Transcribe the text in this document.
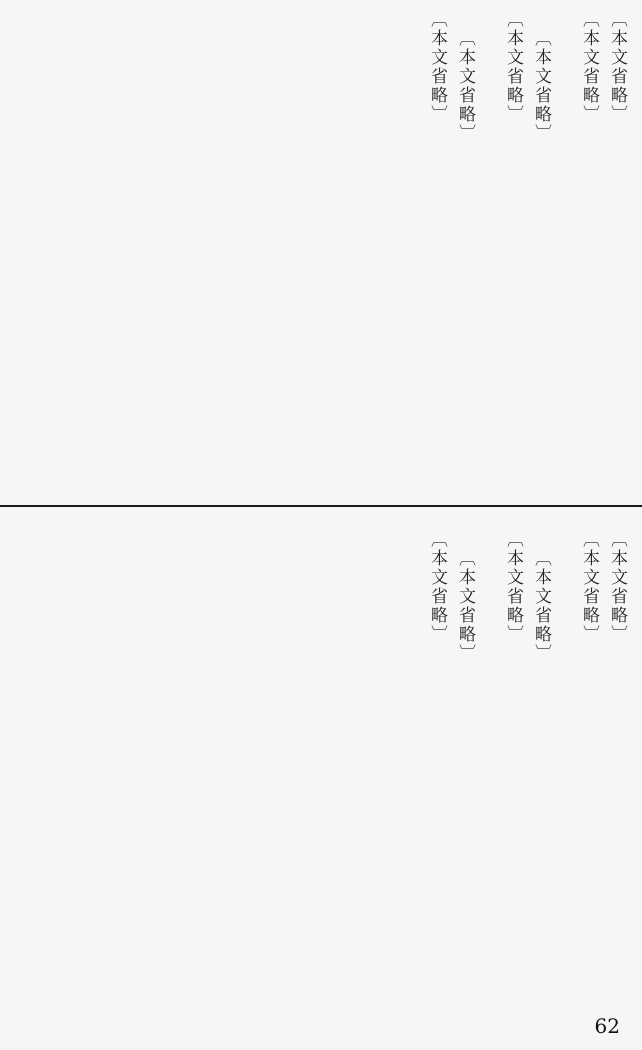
〔本文省略〕
〔本文省略〕
〔本文省略〕
〔本文省略〕
〔本文省略〕
〔本文省略〕
〔本文省略〕
〔本文省略〕
〔本文省略〕
〔本文省略〕
〔本文省略〕
〔本文省略〕
62
